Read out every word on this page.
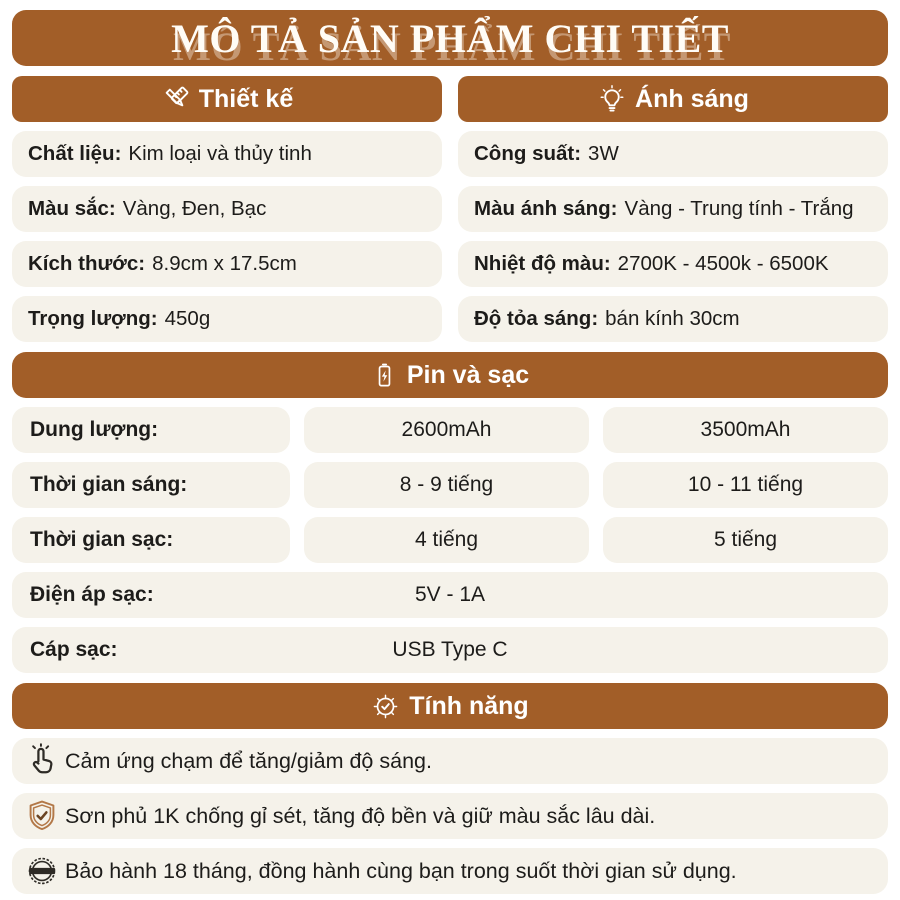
MÔ TẢ SẢN PHẨM CHI TIẾT
Thiết kế
Chất liệu: Kim loại và thủy tinh
Màu sắc: Vàng, Đen, Bạc
Kích thước: 8.9cm x 17.5cm
Trọng lượng: 450g
Ánh sáng
Công suất: 3W
Màu ánh sáng: Vàng - Trung tính - Trắng
Nhiệt độ màu: 2700K - 4500k - 6500K
Độ tỏa sáng: bán kính 30cm
Pin và sạc
Dung lượng:	2600mAh	3500mAh
Thời gian sáng:	8 - 9 tiếng	10 - 11 tiếng
Thời gian sạc:	4 tiếng	5 tiếng
Điện áp sạc:	5V - 1A
Cáp sạc:	USB Type C
Tính năng
Cảm ứng chạm để tăng/giảm độ sáng.
Sơn phủ 1K chống gỉ sét, tăng độ bền và giữ màu sắc lâu dài.
WARRANTY Bảo hành 18 tháng, đồng hành cùng bạn trong suốt thời gian sử dụng.
